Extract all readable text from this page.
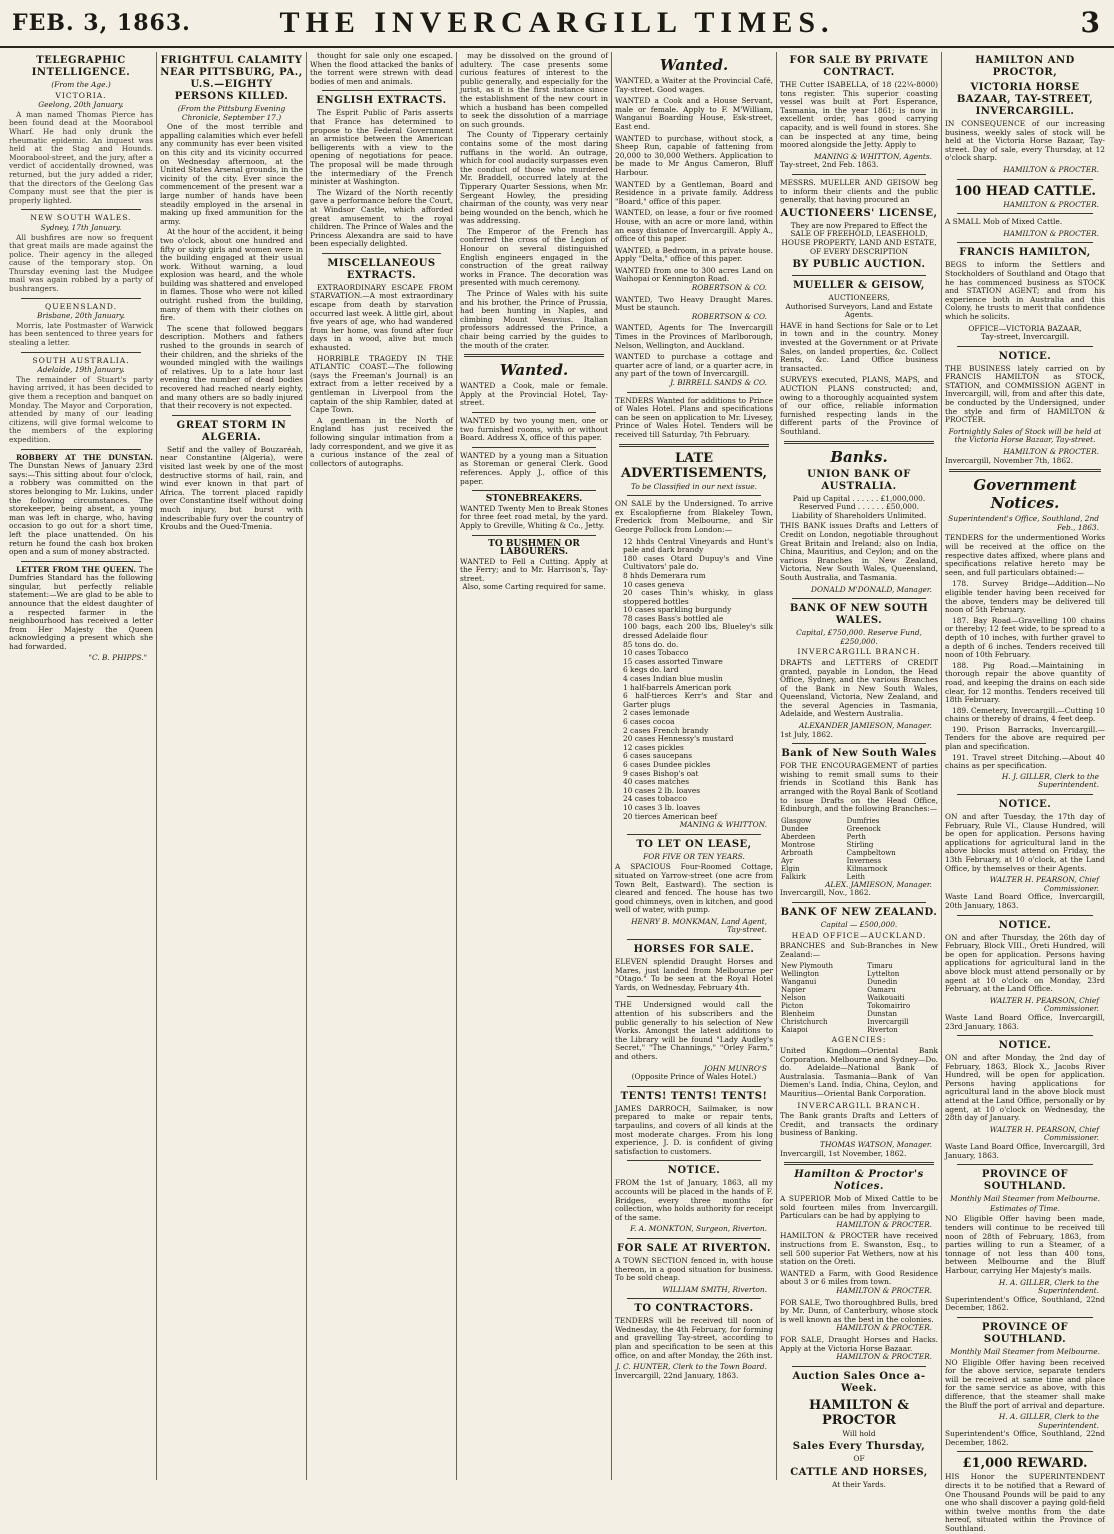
FEB. 3, 1863.	THE INVERCARGILL TIMES.	3
TELEGRAPHIC INTELLIGENCE.
(From the Age.)
VICTORIA.
Geelong, 20th January.

A man named Thomas Pierce has been found dead at the Moorabool Wharf. He had only drunk the rheumatic epidemic. An inquest was held at the Stag and Hounds. Moorabool-street, and the jury, after a verdict of accidentally drowned, was returned, but the jury added a rider, that the directors of the Geelong Gas Company must see that the pier is properly lighted.

NEW SOUTH WALES.
Sydney, 17th January.

All bushfires are now so frequent that great mails are made against the police. Their agency in the alleged cause of the temporary stop. On Thursday evening last the Mudgee mail was again robbed by a party of bushrangers.

QUEENSLAND.
Brisbane, 20th January.

Morris, late Postmaster of Warwick has been sentenced to three years for stealing a letter.

SOUTH AUSTRALIA.
Adelaide, 19th January.

The remainder of Stuart's party having arrived, it has been decided to give them a reception and banquet on Monday. The Mayor and Corporation, attended by many of our leading citizens, will give formal welcome to the members of the exploring expedition.

ROBBERY AT THE DUNSTAN. The Dunstan News of January 23rd says:—This sitting about four o'clock, a robbery was committed on the stores belonging to Mr. Lukins, under the following circumstances. The storekeeper, being absent, a young man was left in charge, who, having occasion to go out for a short time, left the place unattended. On his return he found the cash box broken open and a sum of money abstracted.

LETTER FROM THE QUEEN. The Dumfries Standard has the following singular, but perfectly reliable statement:—We are glad to be able to announce that the eldest daughter of a respected farmer in the neighbourhood has received a letter from Her Majesty the Queen acknowledging a present which she had forwarded.

"C. B. PHIPPS."
FRIGHTFUL CALAMITY NEAR PITTSBURG, PA., U.S.—EIGHTY PERSONS KILLED.
(From the Pittsburg Evening Chronicle, September 17.)

One of the most terrible and appalling calamities which ever befell any community has ever been visited on this city and its vicinity occurred on Wednesday afternoon, at the United States Arsenal grounds, in the vicinity of the city. Ever since the commencement of the present war a large number of hands have been steadily employed in the arsenal in making up fixed ammunition for the army.

At the hour of the accident, it being two o'clock, about one hundred and fifty or sixty girls and women were in the building engaged at their usual work. Without warning, a loud explosion was heard, and the whole building was shattered and enveloped in flames. Those who were not killed outright rushed from the building, many of them with their clothes on fire.

The scene that followed beggars description. Mothers and fathers rushed to the grounds in search of their children, and the shrieks of the wounded mingled with the wailings of relatives. Up to a late hour last evening the number of dead bodies recovered had reached nearly eighty, and many others are so badly injured that their recovery is not expected.

GREAT STORM IN ALGERIA.

Setif and the valley of Bouzaréah, near Constantine (Algeria), were visited last week by one of the most destructive storms of hail, rain, and wind ever known in that part of Africa. The torrent placed rapidly over Constantine itself without doing much injury, but burst with indescribable fury over the country of Kroubs and the Oued-Tmenia.

thought for sale only one escaped. When the flood attacked the banks of the torrent were strewn with dead bodies of men and animals.

ENGLISH EXTRACTS.

The Esprit Public of Paris asserts that France has determined to propose to the Federal Government an armistice between the American belligerents with a view to the opening of negotiations for peace. The proposal will be made through the intermediary of the French minister at Washington.

The Wizard of the North recently gave a performance before the Court, at Windsor Castle, which afforded great amusement to the royal children. The Prince of Wales and the Princess Alexandra are said to have been especially delighted.

MISCELLANEOUS EXTRACTS.

EXTRAORDINARY ESCAPE FROM STARVATION.—A most extraordinary escape from death by starvation occurred last week. A little girl, about five years of age, who had wandered from her home, was found after four days in a wood, alive but much exhausted.

HORRIBLE TRAGEDY IN THE ATLANTIC COAST.—The following (says the Freeman's Journal) is an extract from a letter received by a gentleman in Liverpool from the captain of the ship Rambler, dated at Cape Town.

A gentleman in the North of England has just received the following singular intimation from a lady correspondent, and we give it as a curious instance of the zeal of collectors of autographs.

may be dissolved on the ground of adultery. The case presents some curious features of interest to the public generally, and especially for the jurist, as it is the first instance since the establishment of the new court in which a husband has been compelled to seek the dissolution of a marriage on such grounds.

The County of Tipperary certainly contains some of the most daring ruffians in the world. An outrage, which for cool audacity surpasses even the conduct of those who murdered Mr. Braddell, occurred lately at the Tipperary Quarter Sessions, when Mr. Sergeant Howley, the presiding chairman of the county, was very near being wounded on the bench, which he was addressing.

The Emperor of the French has conferred the cross of the Legion of Honour on several distinguished English engineers engaged in the construction of the great railway works in France. The decoration was presented with much ceremony.

The Prince of Wales with his suite and his brother, the Prince of Prussia, had been hunting in Naples, and climbing Mount Vesuvius. Italian professors addressed the Prince, a chair being carried by the guides to the mouth of the crater.

Wanted.
WANTED a Cook, male or female. Apply at the Provincial Hotel, Tay-street.
WANTED by two young men, one or two furnished rooms, with or without Board. Address X, office of this paper.
WANTED by a young man a Situation as Storeman or general Clerk. Good references. Apply J., office of this paper.
STONEBREAKERS.
WANTED Twenty Men to Break Stones for three feet road metal, by the yard. Apply to Greville, Whiting & Co., Jetty.
TO BUSHMEN OR LABOURERS.
WANTED to Fell a Cutting. Apply at the Ferry; and to Mr. Harrison's, Tay-street.
Also, some Carting required for same.
Wanted.
WANTED, a Waiter at the Provincial Café, Tay-street. Good wages.
WANTED a Cook and a House Servant, male or female. Apply to F. M'William, Wanganui Boarding House, Esk-street, East end.
WANTED to purchase, without stock, a Sheep Run, capable of fattening from 20,000 to 30,000 Wethers. Application to be made to Mr Angus Cameron, Bluff Harbour.
WANTED by a Gentleman, Board and Residence in a private family. Address "Board," office of this paper.
WANTED, on lease, a four or five roomed House, with an acre or more land, within an easy distance of Invercargill. Apply A., office of this paper.
WANTED, a Bedroom, in a private house. Apply "Delta," office of this paper.
WANTED from one to 300 acres Land on Waihopai or Kennington Road.
ROBERTSON & CO.
WANTED, Two Heavy Draught Mares. Must be staunch.
ROBERTSON & CO.
WANTED, Agents for The Invercargill Times in the Provinces of Marlborough, Nelson, Wellington, and Auckland.
WANTED to purchase a cottage and quarter acre of land, or a quarter acre, in any part of the town of Invercargill.
J. BIRRELL SANDS & CO.
TENDERS Wanted for additions to Prince of Wales Hotel. Plans and specifications can be seen on application to Mr. Livesey, Prince of Wales Hotel. Tenders will be received till Saturday, 7th February.
LATE ADVERTISEMENTS,
To be Classified in our next issue.
ON SALE by the Undersigned. To arrive ex Escalopfierne from Blakeley Town, Frederick from Melbourne, and Sir George Pollock from London:—
12 hhds Central Vineyards and Hunt's pale and dark brandy
180 cases Otard Dupuy's and Vine Cultivators' pale do.
8 hhds Demerara rum
10 cases geneva
20 cases Thin's whisky, in glass stoppered bottles
10 cases sparkling burgundy
78 cases Bass's bottled ale
100 bags, each 200 lbs, Blueley's silk dressed Adelaide flour
85 tons do. do.
10 cases Tobacco
15 cases assorted Tinware
6 kegs do. lard
4 cases Indian blue muslin
1 half-barrels American pork
6 half-tierces Kerr's and Star and Garter plugs
2 cases lemonade
6 cases cocoa
2 cases French brandy
20 cases Hennessy's mustard
12 cases pickles
6 cases saucepans
6 cases Dundee pickles
9 cases Bishop's oat
40 cases matches
10 cases 2 lb. loaves
24 cases tobacco
10 cases 3 lb. loaves
20 tierces American beef
MANING & WHITTON.
TO LET ON LEASE,
FOR FIVE OR TEN YEARS.
A SPACIOUS Four-Roomed Cottage, situated on Yarrow-street (one acre from Town Belt, Eastward). The section is cleared and fenced. The house has two good chimneys, oven in kitchen, and good well of water, with pump.
HENRY B. MONKMAN, Land Agent, Tay-street.
HORSES FOR SALE.
ELEVEN splendid Draught Horses and Mares, just landed from Melbourne per "Otago." To be seen at the Royal Hotel Yards, on Wednesday, February 4th.
THE Undersigned would call the attention of his subscribers and the public generally to his selection of New Works. Amongst the latest additions to the Library will be found "Lady Audley's Secret," "The Channings," "Orley Farm," and others.
JOHN MUNRO'S
(Opposite Prince of Wales Hotel.)
TENTS! TENTS! TENTS!
JAMES DARROCH, Sailmaker, is now prepared to make or repair tents, tarpaulins, and covers of all kinds at the most moderate charges. From his long experience, J. D. is confident of giving satisfaction to customers.
NOTICE.
FROM the 1st of January, 1863, all my accounts will be placed in the hands of F. Bridges, every three months for collection, who holds authority for receipt of the same.
F. A. MONKTON, Surgeon, Riverton.
FOR SALE AT RIVERTON.
A TOWN SECTION fenced in, with house thereon, in a good situation for business. To be sold cheap.
WILLIAM SMITH, Riverton.
TO CONTRACTORS.
TENDERS will be received till noon of Wednesday, the 4th February, for forming and gravelling Tay-street, according to plan and specification to be seen at this office, on and after Monday, the 26th inst.
J. C. HUNTER, Clerk to the Town Board.
Invercargill, 22nd January, 1863.
FOR SALE BY PRIVATE CONTRACT.
THE Cutter ISABELLA, of 18 (22¼-8000) tons register. This superior coasting vessel was built at Port Esperance, Tasmania, in the year 1861; is now in excellent order, has good carrying capacity, and is well found in stores. She can be inspected at any time, being moored alongside the Jetty. Apply to
MANING & WHITTON, Agents.
Tay-street, 2nd Feb. 1863.
MESSRS. MUELLER AND GEISOW beg to inform their clients and the public generally, that having procured an
AUCTIONEERS' LICENSE,
They are now Prepared to Effect the SALE OF FREEHOLD, LEASEHOLD, HOUSE PROPERTY, LAND AND ESTATE, OF EVERY DESCRIPTION
BY PUBLIC AUCTION.
MUELLER & GEISOW,
AUCTIONEERS,
Authorised Surveyors, Land and Estate Agents.
HAVE in hand Sections for Sale or to Let in town and in the country. Money invested at the Government or at Private Sales, on landed properties, &c. Collect Rents, &c. Land Office business transacted.
SURVEYS executed, PLANS, MAPS, and AUCTION PLANS constructed; and, owing to a thoroughly acquainted system of our office, reliable information furnished respecting lands in the different parts of the Province of Southland.
Banks.
UNION BANK OF AUSTRALIA.
Paid up Capital . . . . . . £1,000,000.
Reserved Fund . . . . . . £50,000.
Liability of Shareholders Unlimited.
THIS BANK issues Drafts and Letters of Credit on London, negotiable throughout Great Britain and Ireland; also on India, China, Mauritius, and Ceylon; and on the various Branches in New Zealand, Victoria, New South Wales, Queensland, South Australia, and Tasmania.
DONALD M'DONALD, Manager.
BANK OF NEW SOUTH WALES.
Capital, £750,000. Reserve Fund, £250,000.
INVERCARGILL BRANCH.
DRAFTS and LETTERS of CREDIT granted, payable in London, the Head Office, Sydney, and the various Branches of the Bank in New South Wales, Queensland, Victoria, New Zealand, and the several Agencies in Tasmania, Adelaide, and Western Australia.
ALEXANDER JAMIESON, Manager.
1st July, 1862.
Bank of New South Wales
FOR THE ENCOURAGEMENT of parties wishing to remit small sums to their friends in Scotland this Bank has arranged with the Royal Bank of Scotland to issue Drafts on the Head Office, Edinburgh, and the following Branches:—
Glasgow	Dumfries
Dundee	Greenock
Aberdeen	Perth
Montrose	Stirling
Arbroath	Campbeltown
Ayr	Inverness
Elgin	Kilmarnock
Falkirk	Leith
ALEX. JAMIESON, Manager.
Invercargill, Nov., 1862.
BANK OF NEW ZEALAND.
Capital — £500,000.
HEAD OFFICE—AUCKLAND.
BRANCHES and Sub-Branches in New Zealand:—
New Plymouth	Timaru
Wellington	Lyttelton
Wanganui	Dunedin
Napier	Oamaru
Nelson	Waikouaiti
Picton	Tokomairiro
Blenheim	Dunstan
Christchurch	Invercargill
Kaiapoi	Riverton
AGENCIES:
United Kingdom—Oriental Bank Corporation. Melbourne and Sydney—Do. do. Adelaide—National Bank of Australasia. Tasmania—Bank of Van Diemen's Land. India, China, Ceylon, and Mauritius—Oriental Bank Corporation.
INVERCARGILL BRANCH.
The Bank grants Drafts and Letters of Credit, and transacts the ordinary business of Banking.
THOMAS WATSON, Manager.
Invercargill, 1st November, 1862.
Hamilton & Proctor's Notices.
A SUPERIOR Mob of Mixed Cattle to be sold fourteen miles from Invercargill. Particulars can be had by applying to
HAMILTON & PROCTER.
HAMILTON & PROCTER have received instructions from E. Swanston, Esq., to sell 500 superior Fat Wethers, now at his station on the Oreti.
WANTED a Farm, with Good Residence about 3 or 6 miles from town.
HAMILTON & PROCTER.
FOR SALE, Two thoroughbred Bulls, bred by Mr. Dunn, of Canterbury, whose stock is well known as the best in the colonies.
HAMILTON & PROCTER.
FOR SALE, Draught Horses and Hacks. Apply at the Victoria Horse Bazaar.
HAMILTON & PROCTER.
Auction Sales Once a-Week.
HAMILTON & PROCTOR
Will hold
Sales Every Thursday,
OF
CATTLE AND HORSES,
At their Yards.
HAMILTON AND PROCTOR,
VICTORIA HORSE BAZAAR, TAY-STREET, INVERCARGILL.
IN CONSEQUENCE of our increasing business, weekly sales of stock will be held at the Victoria Horse Bazaar, Tay-street. Day of sale, every Thursday, at 12 o'clock sharp.
HAMILTON & PROCTER.
100 HEAD CATTLE.
HAMILTON & PROCTER.
A SMALL Mob of Mixed Cattle.
HAMILTON & PROCTER.
FRANCIS HAMILTON,
BEGS to inform the Settlers and Stockholders of Southland and Otago that he has commenced business as STOCK and STATION AGENT; and from his experience both in Australia and this Colony, he trusts to merit that confidence which he solicits.
OFFICE—VICTORIA BAZAAR,
Tay-street, Invercargill.
NOTICE.
THE BUSINESS lately carried on by FRANCIS HAMILTON as STOCK, STATION, and COMMISSION AGENT in Invercargill, will, from and after this date, be conducted by the Undersigned, under the style and firm of HAMILTON & PROCTER.
Fortnightly Sales of Stock will be held at the Victoria Horse Bazaar, Tay-street.
HAMILTON & PROCTER.
Invercargill, November 7th, 1862.
Government Notices.
Superintendent's Office, Southland, 2nd Feb., 1863.
TENDERS for the undermentioned Works will be received at the office on the respective dates affixed, where plans and specifications relative hereto may be seen, and full particulars obtained:—

178. Survey Bridge—Addition—No eligible tender having been received for the above, tenders may be delivered till noon of 5th February.

187. Bay Road—Gravelling 100 chains or thereby; 12 feet wide, to be spread to a depth of 10 inches, with further gravel to a depth of 6 inches. Tenders received till noon of 10th February.

188. Pig Road.—Maintaining in thorough repair the above quantity of road, and keeping the drains on each side clear, for 12 months. Tenders received till 18th February.

189. Cemetery, Invercargill.—Cutting 10 chains or thereby of drains, 4 feet deep.

190. Prison Barracks, Invercargill.—Tenders for the above are required per plan and specification.

191. Travel street Ditching.—About 40 chains as per specification.

H. J. GILLER, Clerk to the Superintendent.
NOTICE.
ON and after Tuesday, the 17th day of February, Rule VI., Clause Hundred, will be open for application. Persons having applications for agricultural land in the above blocks must attend on Friday, the 13th February, at 10 o'clock, at the Land Office, by themselves or their Agents.
WALTER H. PEARSON, Chief Commissioner.
Waste Land Board Office, Invercargill, 20th January, 1863.
NOTICE.
ON and after Thursday, the 26th day of February, Block VIII., Oreti Hundred, will be open for application. Persons having applications for agricultural land in the above block must attend personally or by agent at 10 o'clock on Monday, 23rd February, at the Land Office.
WALTER H. PEARSON, Chief Commissioner.
Waste Land Board Office, Invercargill, 23rd January, 1863.
NOTICE.
ON and after Monday, the 2nd day of February, 1863, Block X., Jacobs River Hundred, will be open for application. Persons having applications for agricultural land in the above block must attend at the Land Office, personally or by agent, at 10 o'clock on Wednesday, the 28th day of January.
WALTER H. PEARSON, Chief Commissioner.
Waste Land Board Office, Invercargill, 3rd January, 1863.
PROVINCE OF SOUTHLAND.
Monthly Mail Steamer from Melbourne.
Estimates of Time.
NO Eligible Offer having been made, tenders will continue to be received till noon of 28th of February, 1863, from parties willing to run a Steamer, of a tonnage of not less than 400 tons, between Melbourne and the Bluff Harbour, carrying Her Majesty's mails.
H. A. GILLER, Clerk to the Superintendent.
Superintendent's Office, Southland, 22nd December, 1862.
PROVINCE OF SOUTHLAND.
Monthly Mail Steamer from Melbourne.
NO Eligible Offer having been received for the above service, separate tenders will be received at same time and place for the same service as above, with this difference, that the steamer shall make the Bluff the port of arrival and departure.
H. A. GILLER, Clerk to the Superintendent.
Superintendent's Office, Southland, 22nd December, 1862.
£1,000 REWARD.
HIS Honor the SUPERINTENDENT directs it to be notified that a Reward of One Thousand Pounds will be paid to any one who shall discover a paying gold-field within twelve months from the date hereof, situated within the Province of Southland.
